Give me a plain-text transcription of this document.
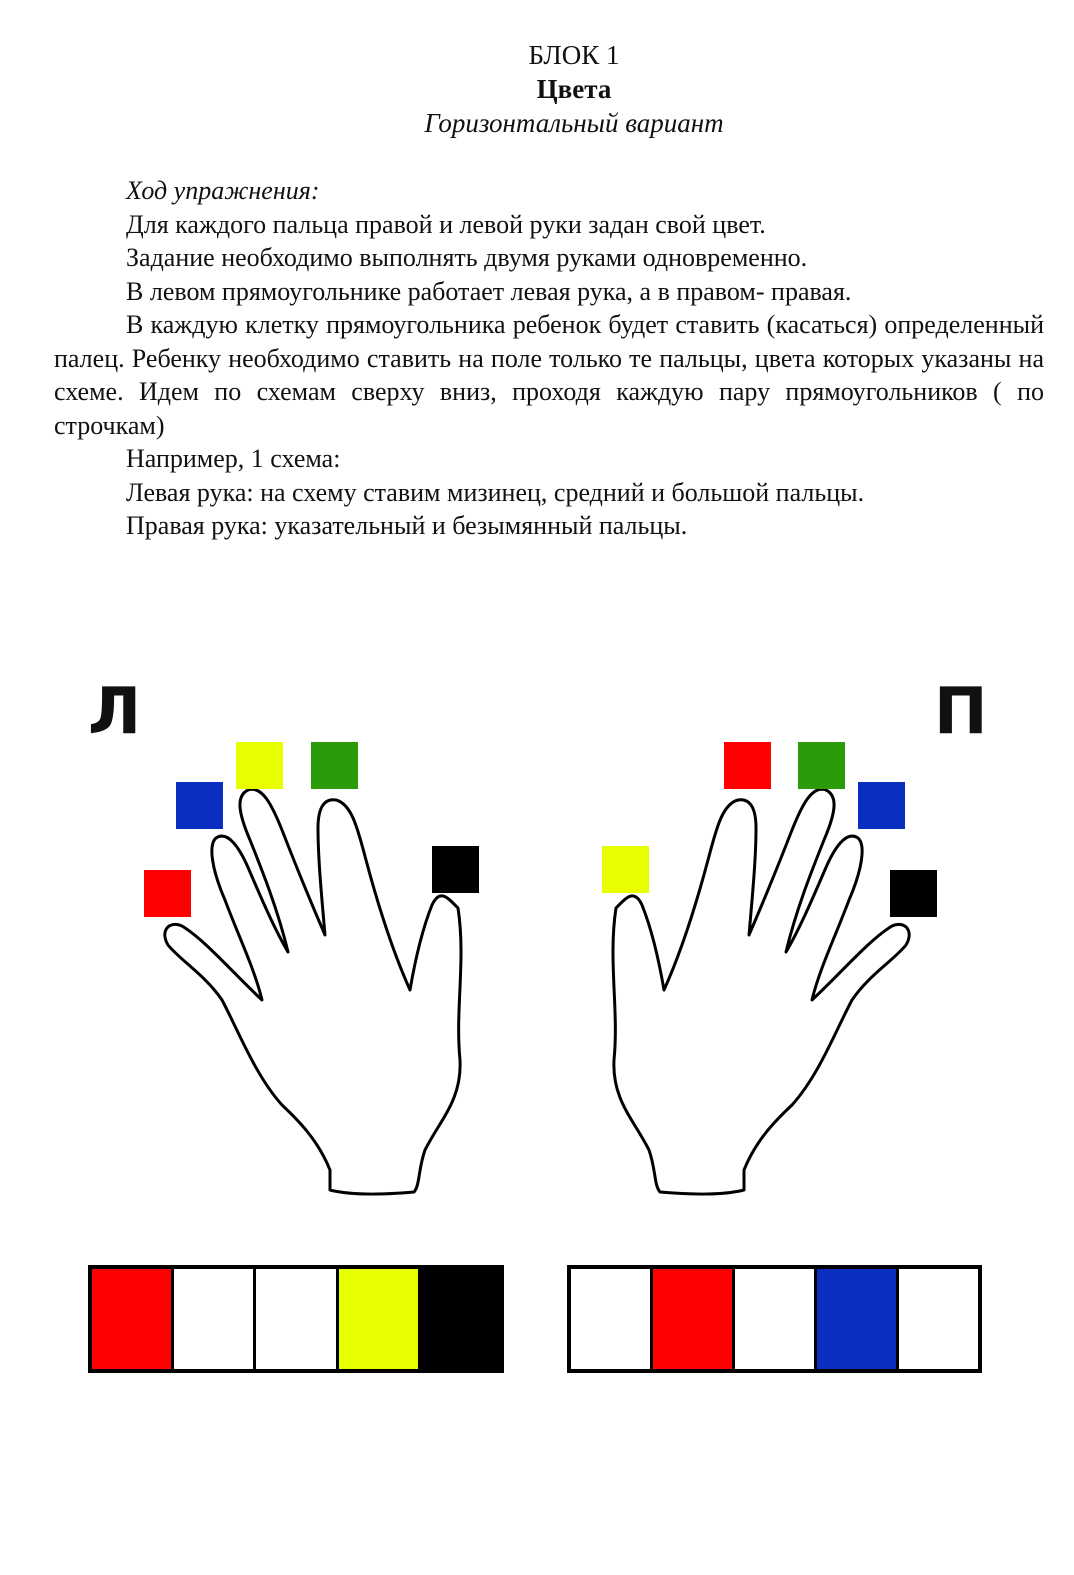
БЛОК 1
Цвета
Горизонтальный вариант

Ход упражнения:

Для каждого пальца правой и левой руки задан свой цвет.

Задание необходимо выполнять двумя руками одновременно.

В левом прямоугольнике работает левая рука, а в правом- правая.

В каждую клетку прямоугольника ребенок будет ставить (касаться) определенный палец. Ребенку необходимо ставить на поле только те пальцы, цвета которых указаны на схеме. Идем по схемам сверху вниз, проходя каждую пару прямоугольников ( по строчкам)

Например, 1 схема:

Левая рука: на схему ставим мизинец, средний и большой пальцы.

Правая рука: указательный и безымянный пальцы.

Л	П
